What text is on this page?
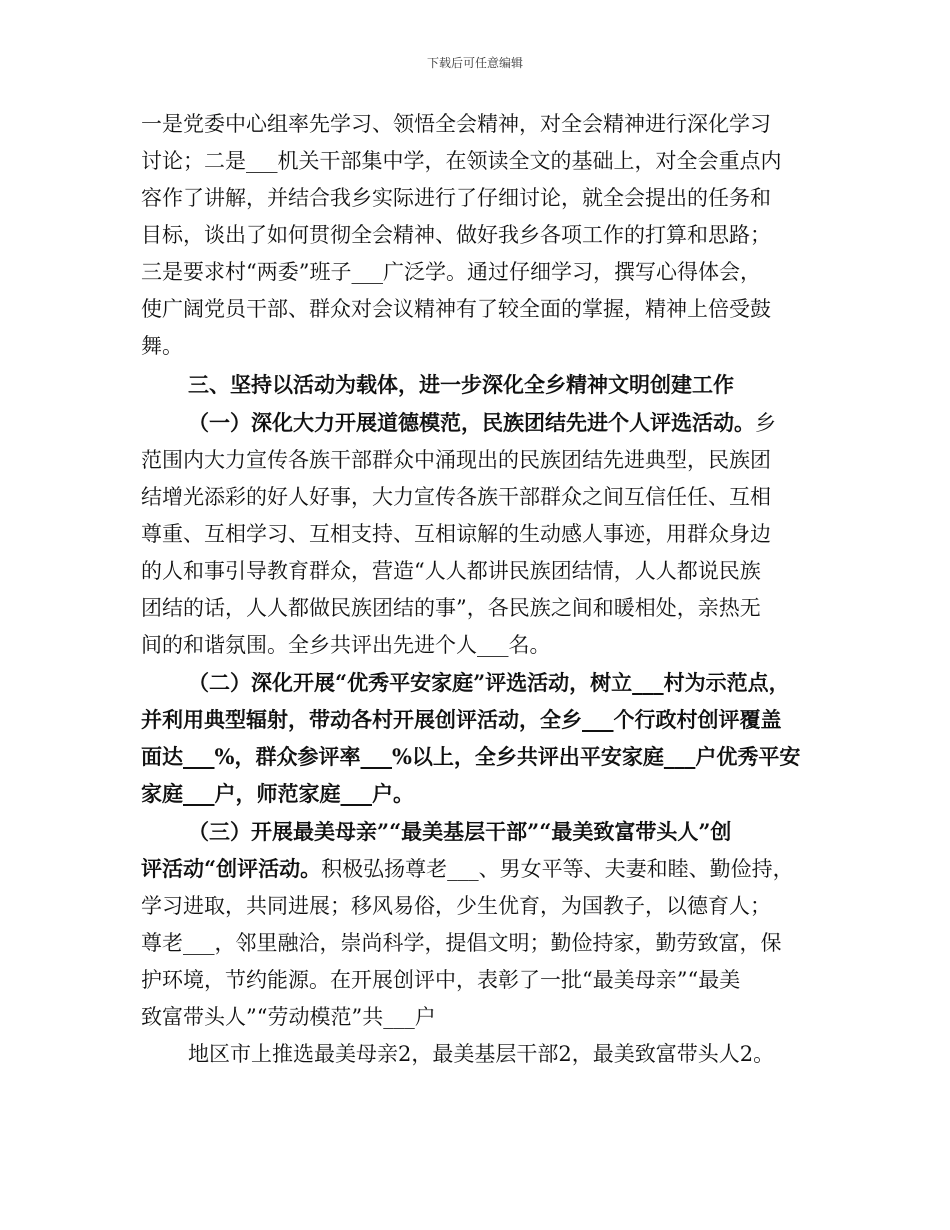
下载后可任意编辑
一是党委中心组率先学习、领悟全会精神，对全会精神进行深化学习
讨论；二是___机关干部集中学，在领读全文的基础上，对全会重点内
容作了讲解，并结合我乡实际进行了仔细讨论，就全会提出的任务和
目标，谈出了如何贯彻全会精神、做好我乡各项工作的打算和思路；
三是要求村“两委”班子___广泛学。通过仔细学习，撰写心得体会，
使广阔党员干部、群众对会议精神有了较全面的掌握，精神上倍受鼓
舞。
三、坚持以活动为载体，进一步深化全乡精神文明创建工作
（一）深化大力开展道德模范，民族团结先进个人评选活动。乡
范围内大力宣传各族干部群众中涌现出的民族团结先进典型，民族团
结增光添彩的好人好事，大力宣传各族干部群众之间互信任任、互相
尊重、互相学习、互相支持、互相谅解的生动感人事迹，用群众身边
的人和事引导教育群众，营造“人人都讲民族团结情，人人都说民族
团结的话，人人都做民族团结的事”，各民族之间和暖相处，亲热无
间的和谐氛围。全乡共评出先进个人___名。
（二）深化开展“优秀平安家庭”评选活动，树立___村为示范点，
并利用典型辐射，带动各村开展创评活动，全乡___个行政村创评覆盖
面达___%，群众参评率___%以上，全乡共评出平安家庭___户优秀平安
家庭___户，师范家庭___户。
（三）开展最美母亲”“最美基层干部”“最美致富带头人”创
评活动“创评活动。积极弘扬尊老___、男女平等、夫妻和睦、勤俭持，
学习进取，共同进展；移风易俗，少生优育，为国教子，以德育人；
尊老___，邻里融洽，崇尚科学，提倡文明；勤俭持家，勤劳致富，保
护环境，节约能源。在开展创评中，表彰了一批“最美母亲”“最美
致富带头人”“劳动模范”共___户
地区市上推选最美母亲2，最美基层干部2，最美致富带头人2。
